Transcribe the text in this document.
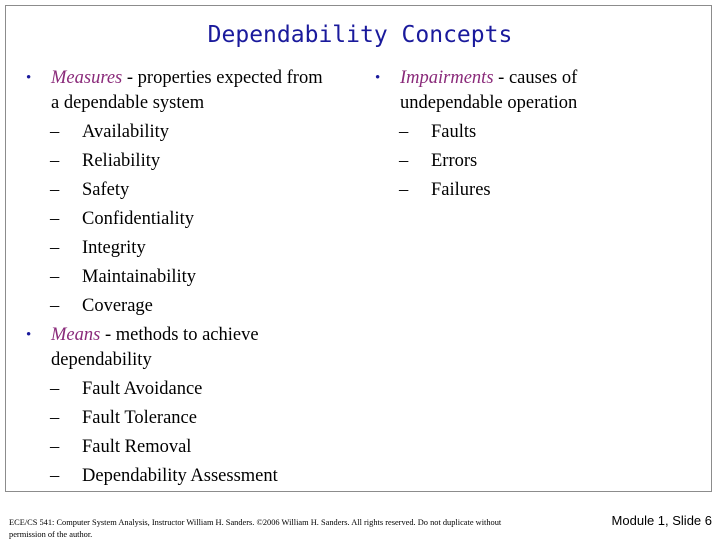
Dependability Concepts
• Measures - properties expected from
a dependable system
– Availability
– Reliability
– Safety
– Confidentiality
– Integrity
– Maintainability
– Coverage
• Means - methods to achieve
dependability
– Fault Avoidance
– Fault Tolerance
– Fault Removal
– Dependability Assessment
• Impairments - causes of
undependable operation
– Faults
– Errors
– Failures
ECE/CS 541: Computer System Analysis, Instructor William H. Sanders. ©2006 William H. Sanders. All rights reserved. Do not duplicate without
permission of the author.
Module 1, Slide 6
